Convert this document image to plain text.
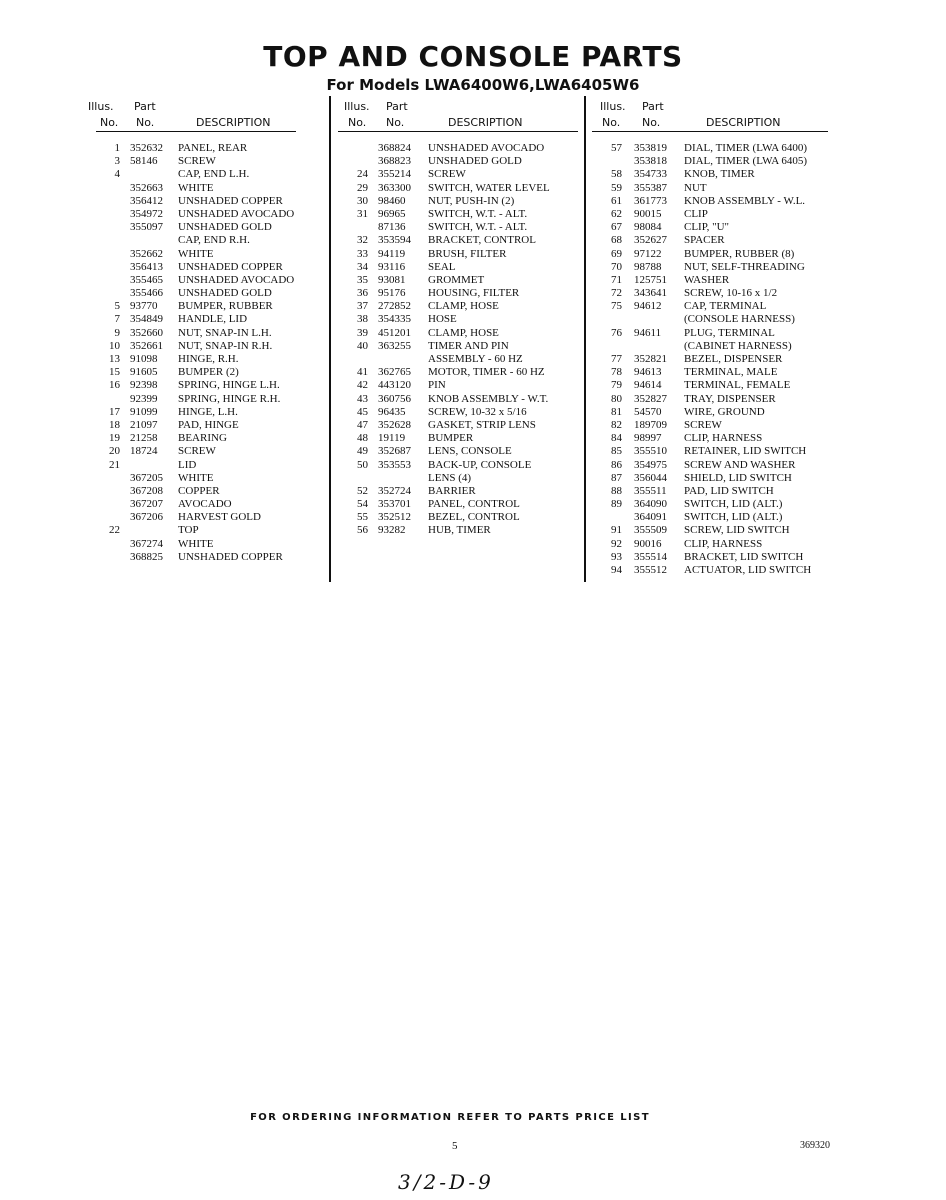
TOP AND CONSOLE PARTS
For Models LWA6400W6,LWA6405W6
Illus. Part
No. No.	DESCRIPTION
1 352632 PANEL, REAR
3 58146 SCREW
4	CAP, END L.H.
352663 WHITE
356412 UNSHADED COPPER
354972 UNSHADED AVOCADO
355097 UNSHADED GOLD
CAP, END R.H.
352662 WHITE
356413 UNSHADED COPPER
355465 UNSHADED AVOCADO
355466 UNSHADED GOLD
5 93770 BUMPER, RUBBER
7 354849 HANDLE, LID
9 352660 NUT, SNAP-IN L.H.
10 352661 NUT, SNAP-IN R.H.
13 91098 HINGE, R.H.
15 91605 BUMPER (2)
16 92398 SPRING, HINGE L.H.
92399 SPRING, HINGE R.H.
17 91099 HINGE, L.H.
18 21097 PAD, HINGE
19 21258 BEARING
20 18724 SCREW
21	LID
367205 WHITE
367208 COPPER
367207 AVOCADO
367206 HARVEST GOLD
22	TOP
367274 WHITE
368825 UNSHADED COPPER
Illus. Part
No. No.	DESCRIPTION
368824 UNSHADED AVOCADO
368823 UNSHADED GOLD
24 355214 SCREW
29 363300 SWITCH, WATER LEVEL
30 98460 NUT, PUSH-IN (2)
31 96965 SWITCH, W.T. - ALT.
87136 SWITCH, W.T. - ALT.
32 353594 BRACKET, CONTROL
33 94119 BRUSH, FILTER
34 93116 SEAL
35 93081 GROMMET
36 95176 HOUSING, FILTER
37 272852 CLAMP, HOSE
38 354335 HOSE
39 451201 CLAMP, HOSE
40 363255 TIMER AND PIN
ASSEMBLY - 60 HZ
41 362765 MOTOR, TIMER - 60 HZ
42 443120 PIN
43 360756 KNOB ASSEMBLY - W.T.
45 96435 SCREW, 10-32 x 5/16
47 352628 GASKET, STRIP LENS
48 19119 BUMPER
49 352687 LENS, CONSOLE
50 353553 BACK-UP, CONSOLE
LENS (4)
52 352724 BARRIER
54 353701 PANEL, CONTROL
55 352512 BEZEL, CONTROL
56 93282 HUB, TIMER
Illus. Part
No. No.	DESCRIPTION
57 353819 DIAL, TIMER (LWA 6400)
353818 DIAL, TIMER (LWA 6405)
58 354733 KNOB, TIMER
59 355387 NUT
61 361773 KNOB ASSEMBLY - W.L.
62 90015 CLIP
67 98084 CLIP, "U"
68 352627 SPACER
69 97122 BUMPER, RUBBER (8)
70 98788 NUT, SELF-THREADING
71 125751 WASHER
72 343641 SCREW, 10-16 x 1/2
75 94612 CAP, TERMINAL
(CONSOLE HARNESS)
76 94611 PLUG, TERMINAL
(CABINET HARNESS)
77 352821 BEZEL, DISPENSER
78 94613 TERMINAL, MALE
79 94614 TERMINAL, FEMALE
80 352827 TRAY, DISPENSER
81 54570 WIRE, GROUND
82 189709 SCREW
84 98997 CLIP, HARNESS
85 355510 RETAINER, LID SWITCH
86 354975 SCREW AND WASHER
87 356044 SHIELD, LID SWITCH
88 355511 PAD, LID SWITCH
89 364090 SWITCH, LID (ALT.)
364091 SWITCH, LID (ALT.)
91 355509 SCREW, LID SWITCH
92 90016 CLIP, HARNESS
93 355514 BRACKET, LID SWITCH
94 355512 ACTUATOR, LID SWITCH
FOR ORDERING INFORMATION REFER TO PARTS PRICE LIST
5	369320
3/2-D-9
